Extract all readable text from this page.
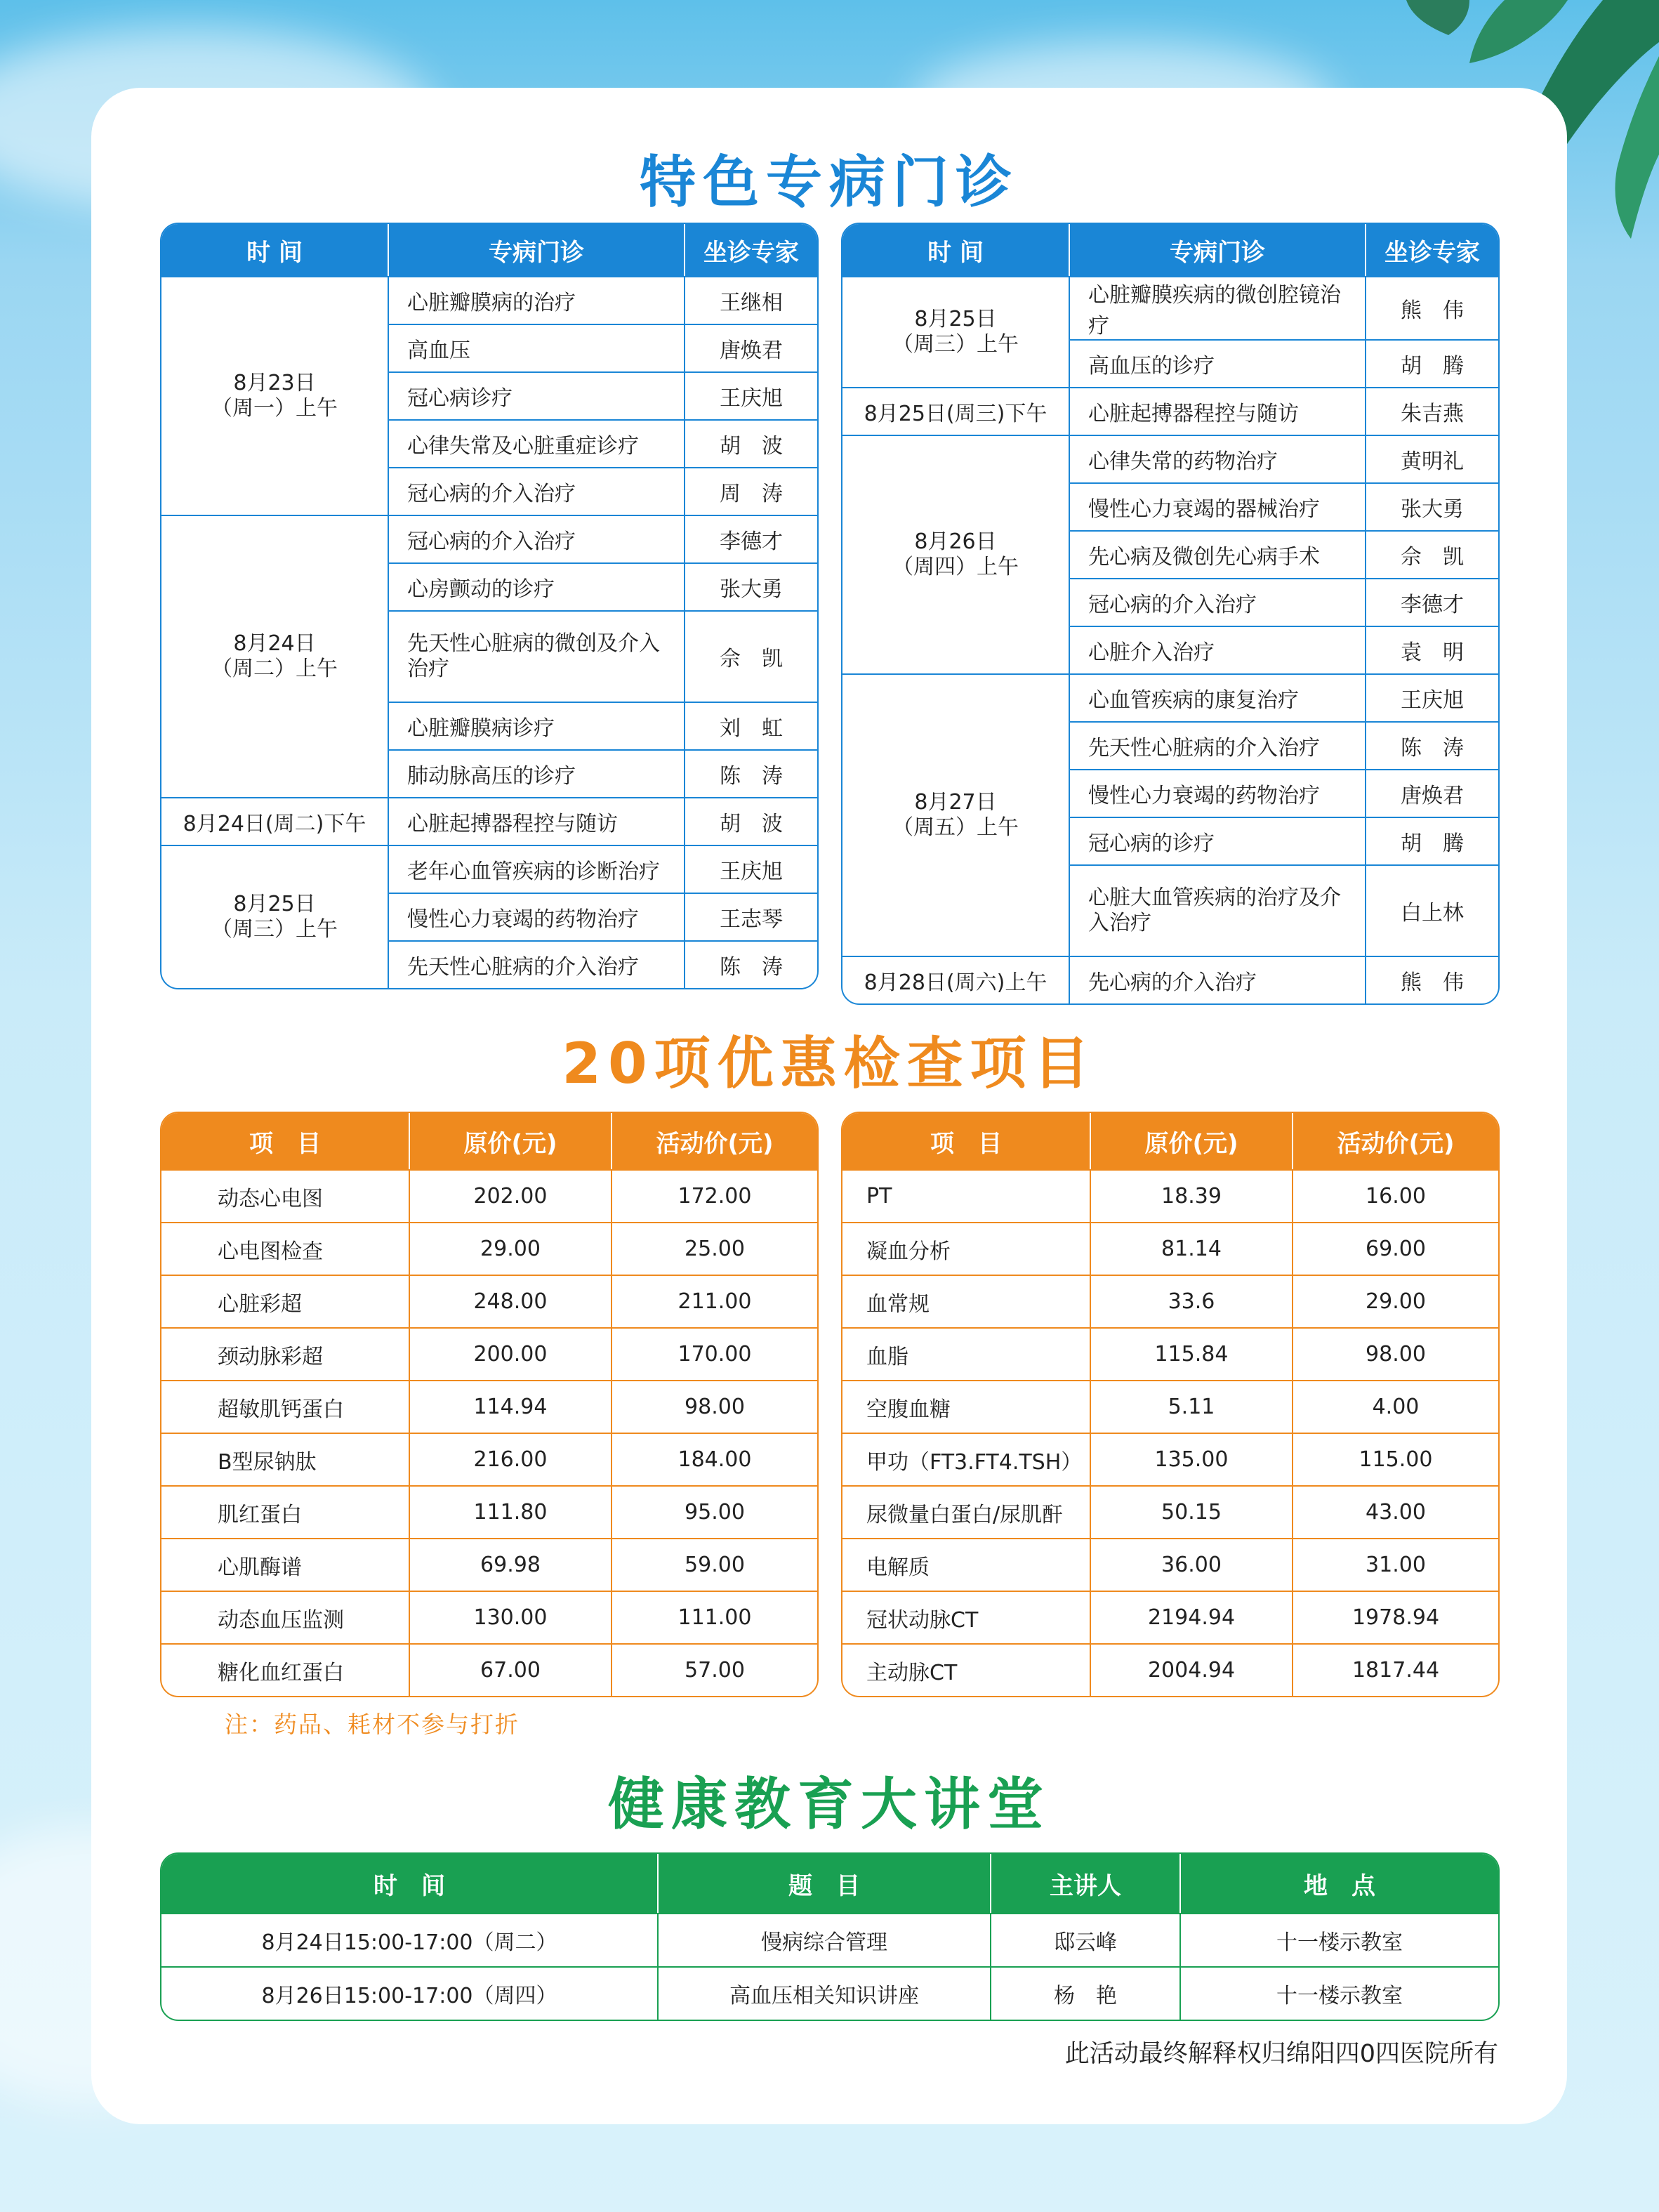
特色专病门诊
时 间	专病门诊	坐诊专家
8月23日
（周一）上午	心脏瓣膜病的治疗	王继相
	高血压	唐焕君
	冠心病诊疗	王庆旭
	心律失常及心脏重症诊疗	胡　波
	冠心病的介入治疗	周　涛
8月24日
（周二）上午	冠心病的介入治疗	李德才
	心房颤动的诊疗	张大勇
	先天性心脏病的微创及介入治疗	佘　凯
	心脏瓣膜病诊疗	刘　虹
	肺动脉高压的诊疗	陈　涛
8月24日(周二)下午	心脏起搏器程控与随访	胡　波
8月25日
（周三）上午	老年心血管疾病的诊断治疗	王庆旭
	慢性心力衰竭的药物治疗	王志琴
	先天性心脏病的介入治疗	陈　涛
时 间	专病门诊	坐诊专家
8月25日
（周三）上午	心脏瓣膜疾病的微创腔镜治疗	熊　伟
	高血压的诊疗	胡　腾
8月25日(周三)下午	心脏起搏器程控与随访	朱吉燕
8月26日
（周四）上午	心律失常的药物治疗	黄明礼
	慢性心力衰竭的器械治疗	张大勇
	先心病及微创先心病手术	佘　凯
	冠心病的介入治疗	李德才
	心脏介入治疗	袁　明
8月27日
（周五）上午	心血管疾病的康复治疗	王庆旭
	先天性心脏病的介入治疗	陈　涛
	慢性心力衰竭的药物治疗	唐焕君
	冠心病的诊疗	胡　腾
	心脏大血管疾病的治疗及介入治疗	白上林
8月28日(周六)上午	先心病的介入治疗	熊　伟
20项优惠检查项目
项　目	原价(元)	活动价(元)
动态心电图	202.00	172.00
心电图检查	29.00	25.00
心脏彩超	248.00	211.00
颈动脉彩超	200.00	170.00
超敏肌钙蛋白	114.94	98.00
B型尿钠肽	216.00	184.00
肌红蛋白	111.80	95.00
心肌酶谱	69.98	59.00
动态血压监测	130.00	111.00
糖化血红蛋白	67.00	57.00
项　目	原价(元)	活动价(元)
PT	18.39	16.00
凝血分析	81.14	69.00
血常规	33.6	29.00
血脂	115.84	98.00
空腹血糖	5.11	4.00
甲功（FT3.FT4.TSH）	135.00	115.00
尿微量白蛋白/尿肌酐	50.15	43.00
电解质	36.00	31.00
冠状动脉CT	2194.94	1978.94
主动脉CT	2004.94	1817.44
注：药品、耗材不参与打折
健康教育大讲堂
时　间	题　目	主讲人	地　点
8月24日15:00-17:00（周二）	慢病综合管理	邸云峰	十一楼示教室
8月26日15:00-17:00（周四）	高血压相关知识讲座	杨　艳	十一楼示教室
此活动最终解释权归绵阳四0四医院所有
